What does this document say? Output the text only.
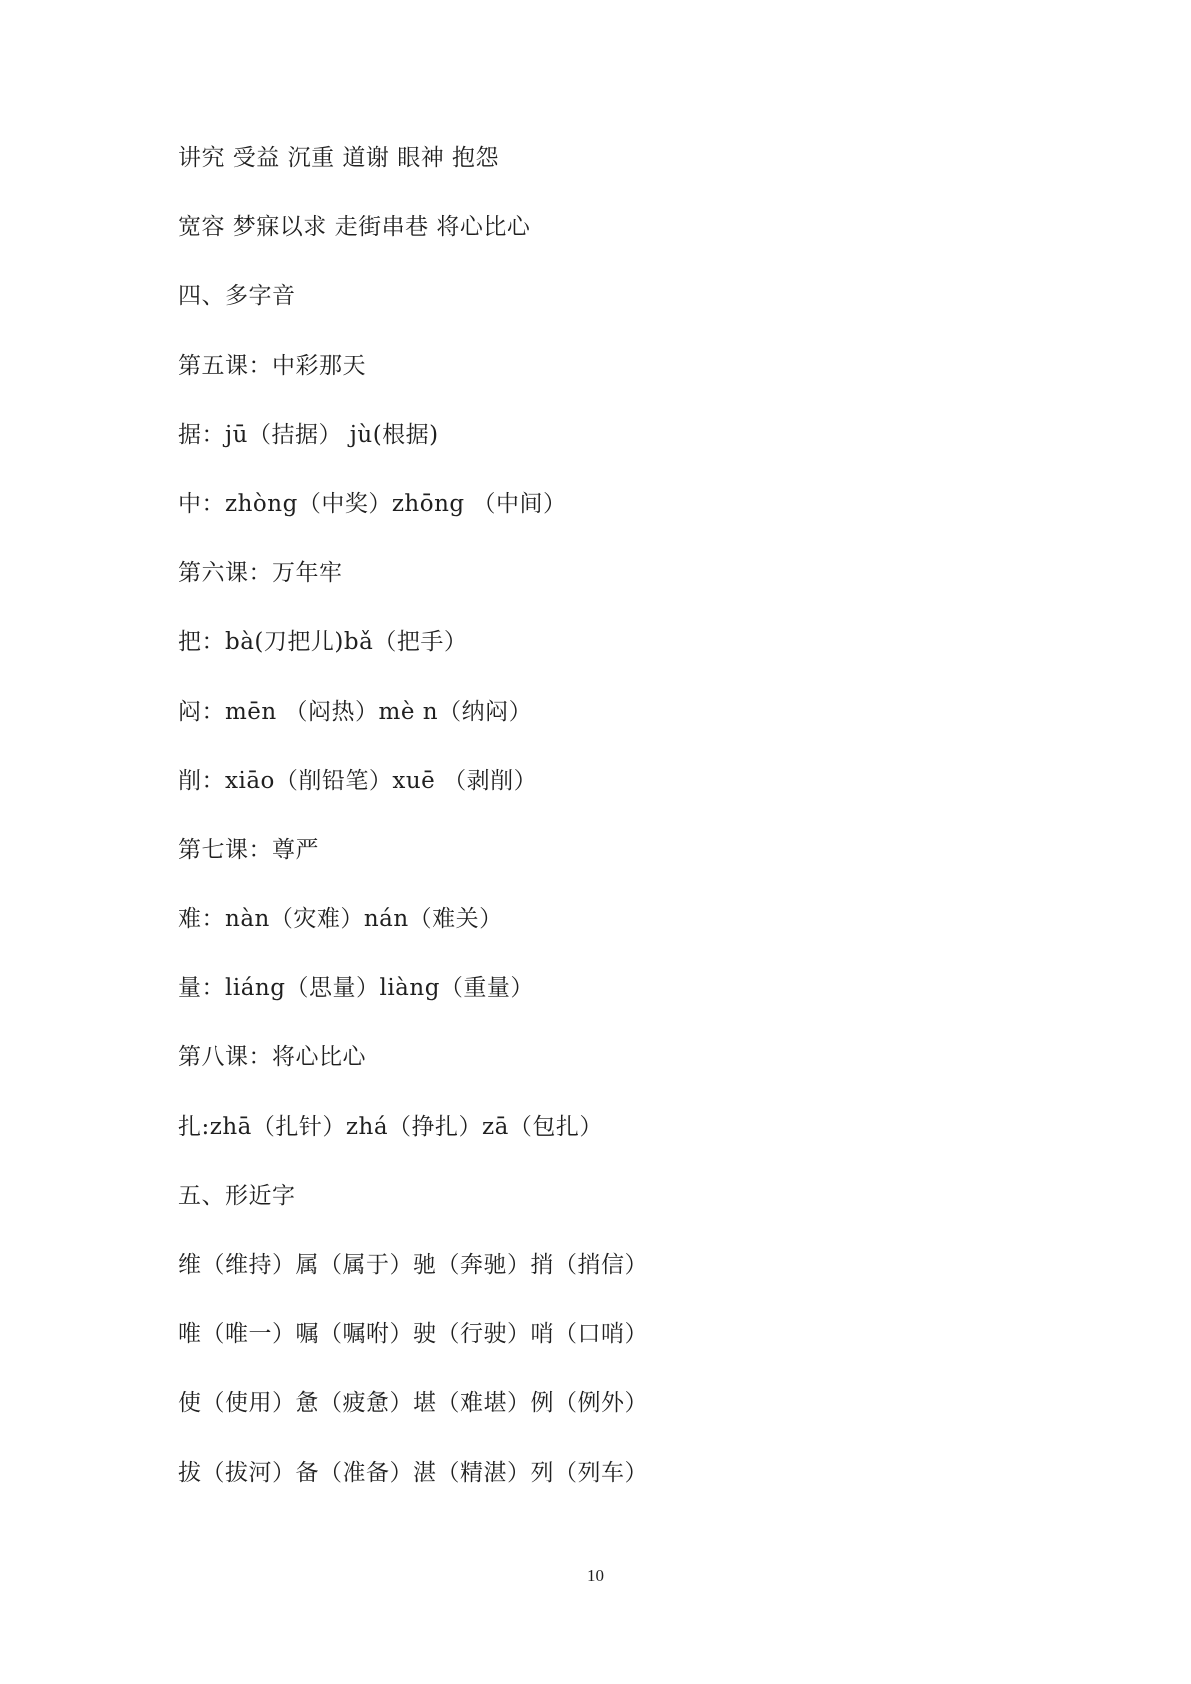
讲究 受益 沉重 道谢 眼神 抱怨
宽容 梦寐以求 走街串巷 将心比心
四、多字音
第五课：中彩那天
据：jū（拮据） jù(根据)
中：zhòng（中奖）zhōng （中间）
第六课：万年牢
把：bà(刀把儿)bǎ（把手）
闷：mēn （闷热）mè n（纳闷）
削：xiāo（削铅笔）xuē （剥削）
第七课：尊严
难：nàn（灾难）nán（难关）
量：liáng（思量）liàng（重量）
第八课：将心比心
扎:zhā（扎针）zhá（挣扎）zā（包扎）
五、形近字
维（维持）属（属于）驰（奔驰）捎（捎信）
唯（唯一）嘱（嘱咐）驶（行驶）哨（口哨）
使（使用）惫（疲惫）堪（难堪）例（例外）
拔（拔河）备（准备）湛（精湛）列（列车）
10
